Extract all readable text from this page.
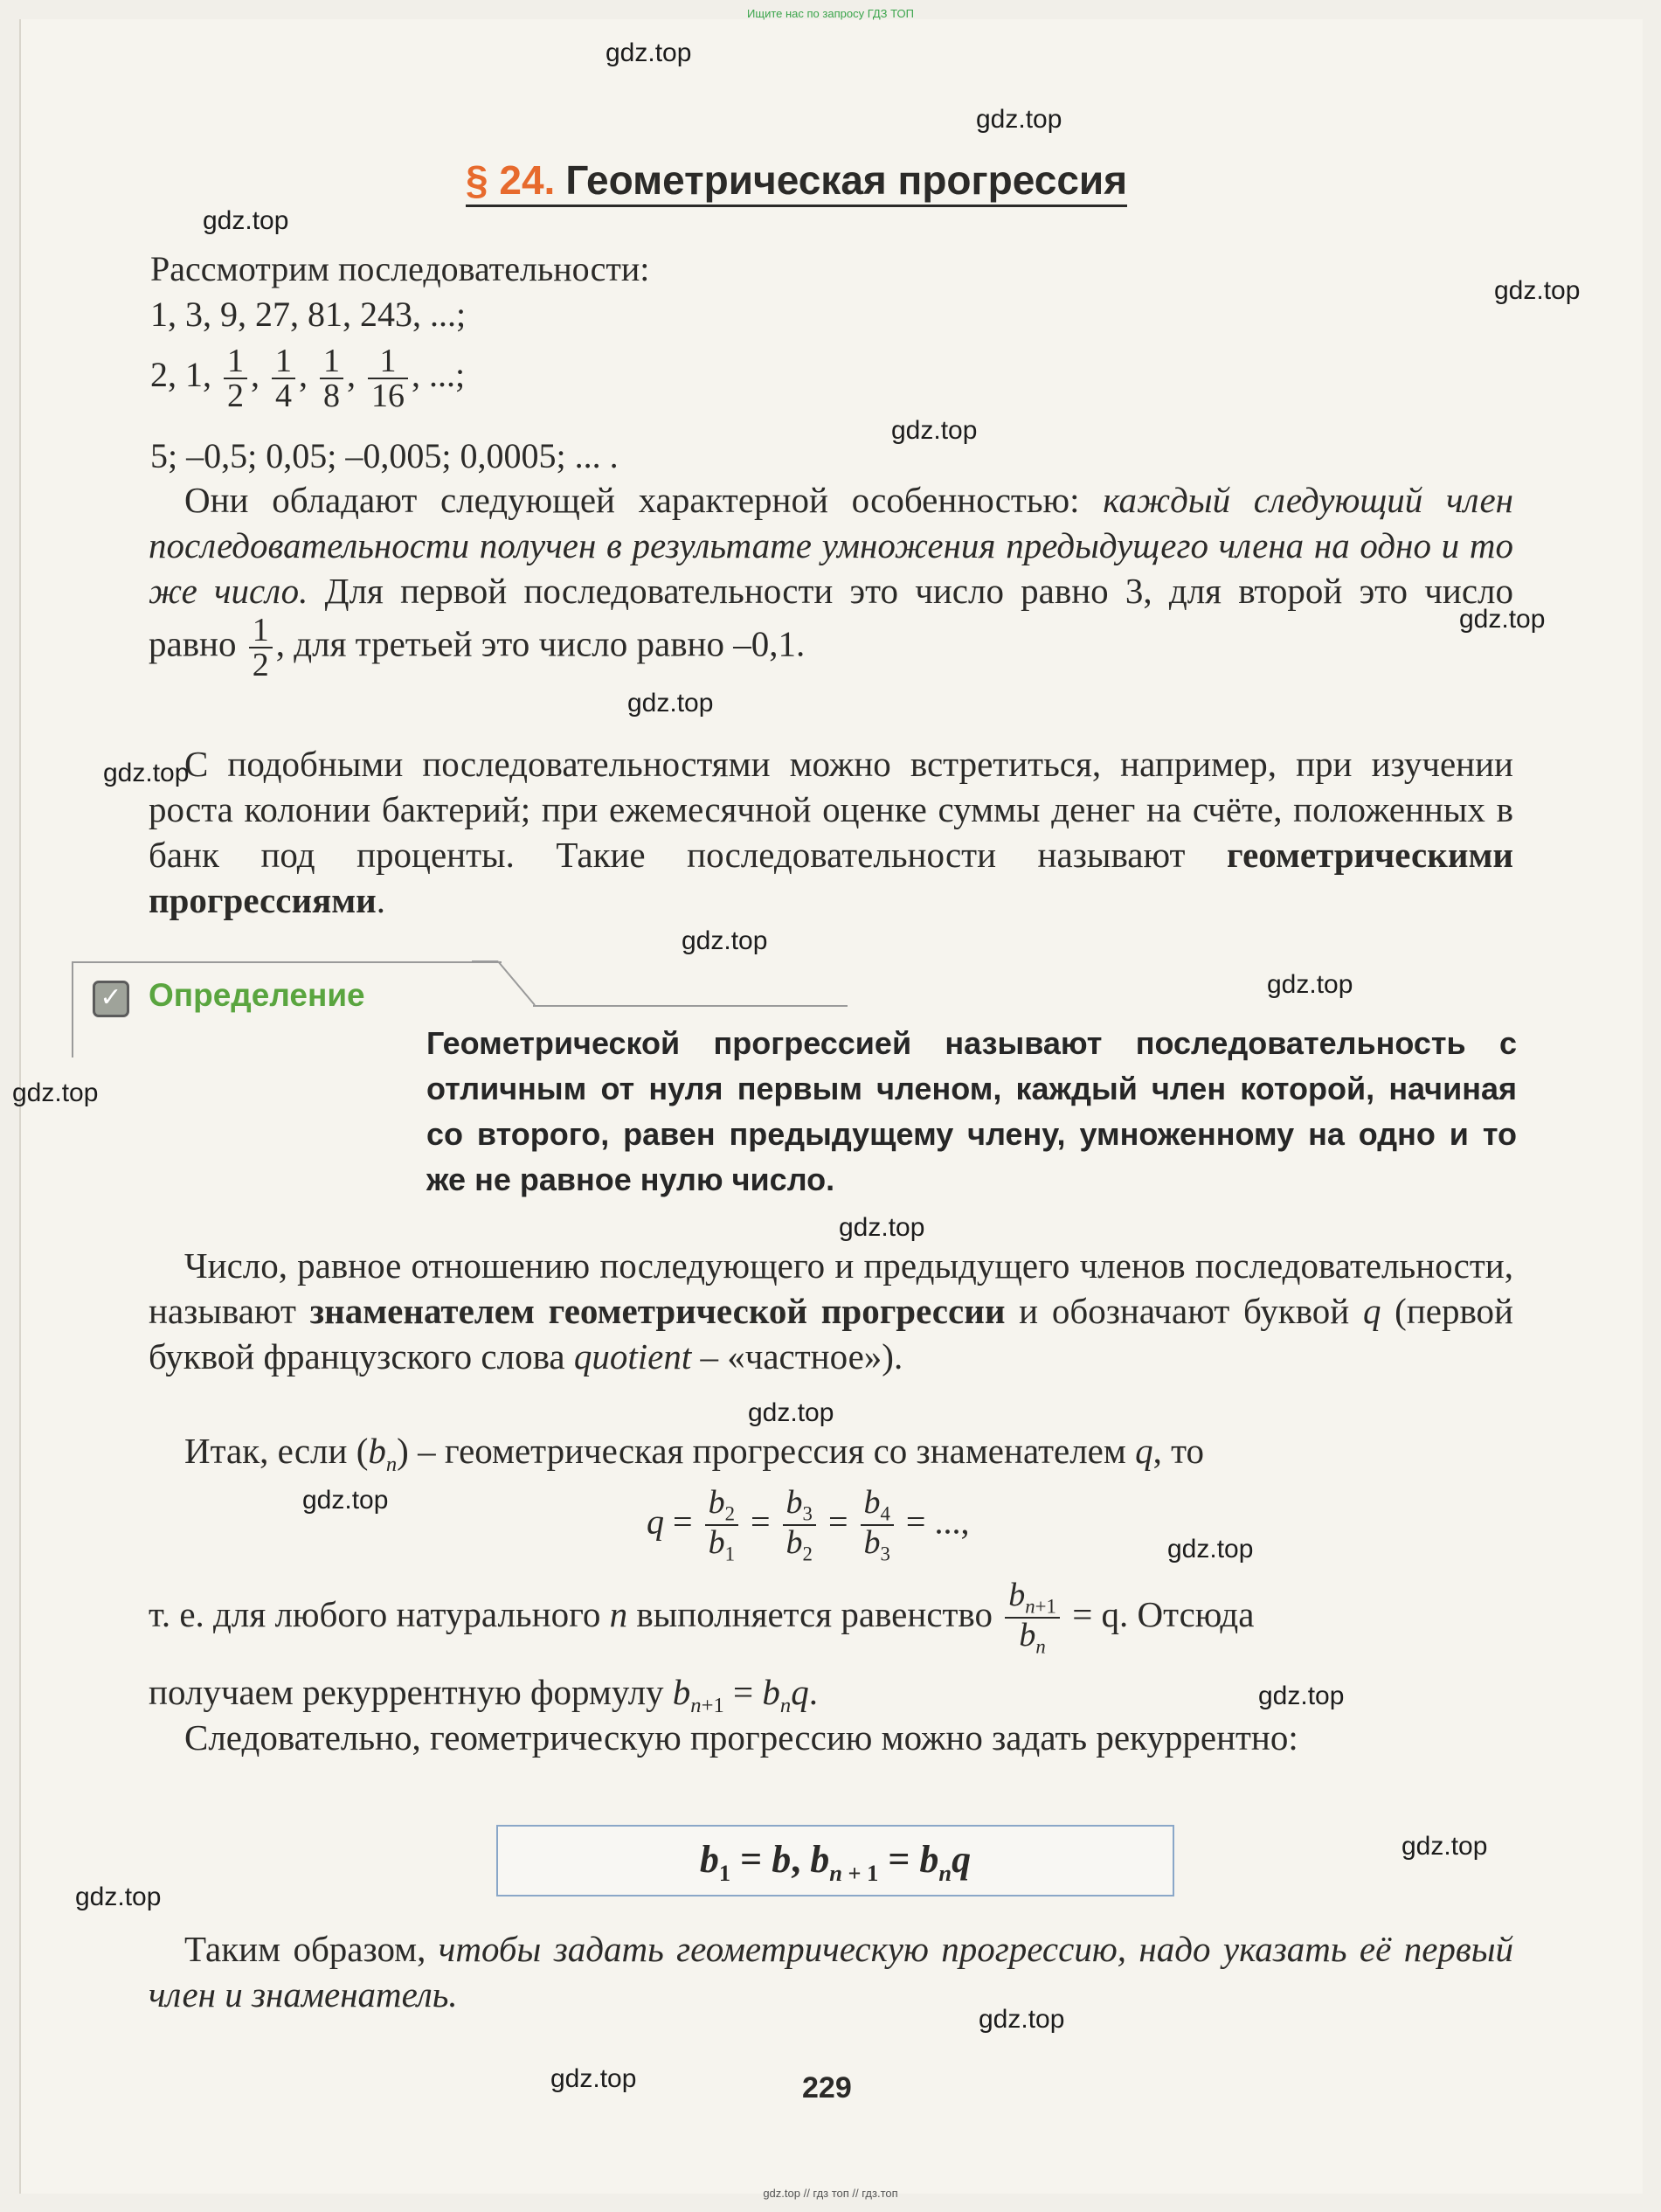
Ищите нас по запросу ГДЗ ТОП
gdz.top
gdz.top
gdz.top
gdz.top
gdz.top
gdz.top
gdz.top
gdz.top
gdz.top
gdz.top
gdz.top
gdz.top
gdz.top
gdz.top
gdz.top
gdz.top
gdz.top
gdz.top
gdz.top
gdz.top
§ 24. Геометрическая прогрессия
Рассмотрим последовательности:
1, 3, 9, 27, 81, 243, ...;
2, 1, $\frac{1}{2}$ , $\frac{1}{4}$ , $\frac{1}{8}$ , $\frac{1}{16}$ , ...;
5; –0,5; 0,05; –0,005; 0,0005; ... .
 Они обладают следующей характерной особенностью: каждый следующий член последовательности получен в результате умножения предыдущего члена на одно и то же число. Для первой последовательности это число равно 3, для второй это число равно $\frac{1}{2}$ , для третьей это число равно –0,1.
 С подобными последовательностями можно встретиться, например, при изучении роста колонии бактерий; при ежемесячной оценке суммы денег на счёте, положенных в банк под проценты. Такие последовательности называют геометрическими прогрессиями.
✓ Определение
Геометрической прогрессией называют последовательность с отличным от нуля первым членом, каждый член которой, начиная со второго, равен предыдущему члену, умноженному на одно и то же не равное нулю число.
 Число, равное отношению последующего и предыдущего членов последовательности, называют знаменателем геометрической прогрессии и обозначают буквой q (первой буквой французского слова quotient – «частное»).
 Итак, если $(b_n)$ – геометрическая прогрессия со знаменателем q, то
$q = \frac{b_2}{b_1} = \frac{b_3}{b_2} = \frac{b_4}{b_3}$ = ...,
т. е. для любого натурального n выполняется равенство $\frac{b_{n+1}}{b_n} = q$. Отсюда
получаем рекуррентную формулу $b_{n+1} = b_nq$.
 Следовательно, геометрическую прогрессию можно задать рекуррентно:
$b_1 = b$, $b_{n + 1} = b_nq$
 Таким образом, чтобы задать геометрическую прогрессию, надо указать её первый член и знаменатель.
229
gdz.top // гдз топ // гдз.топ
